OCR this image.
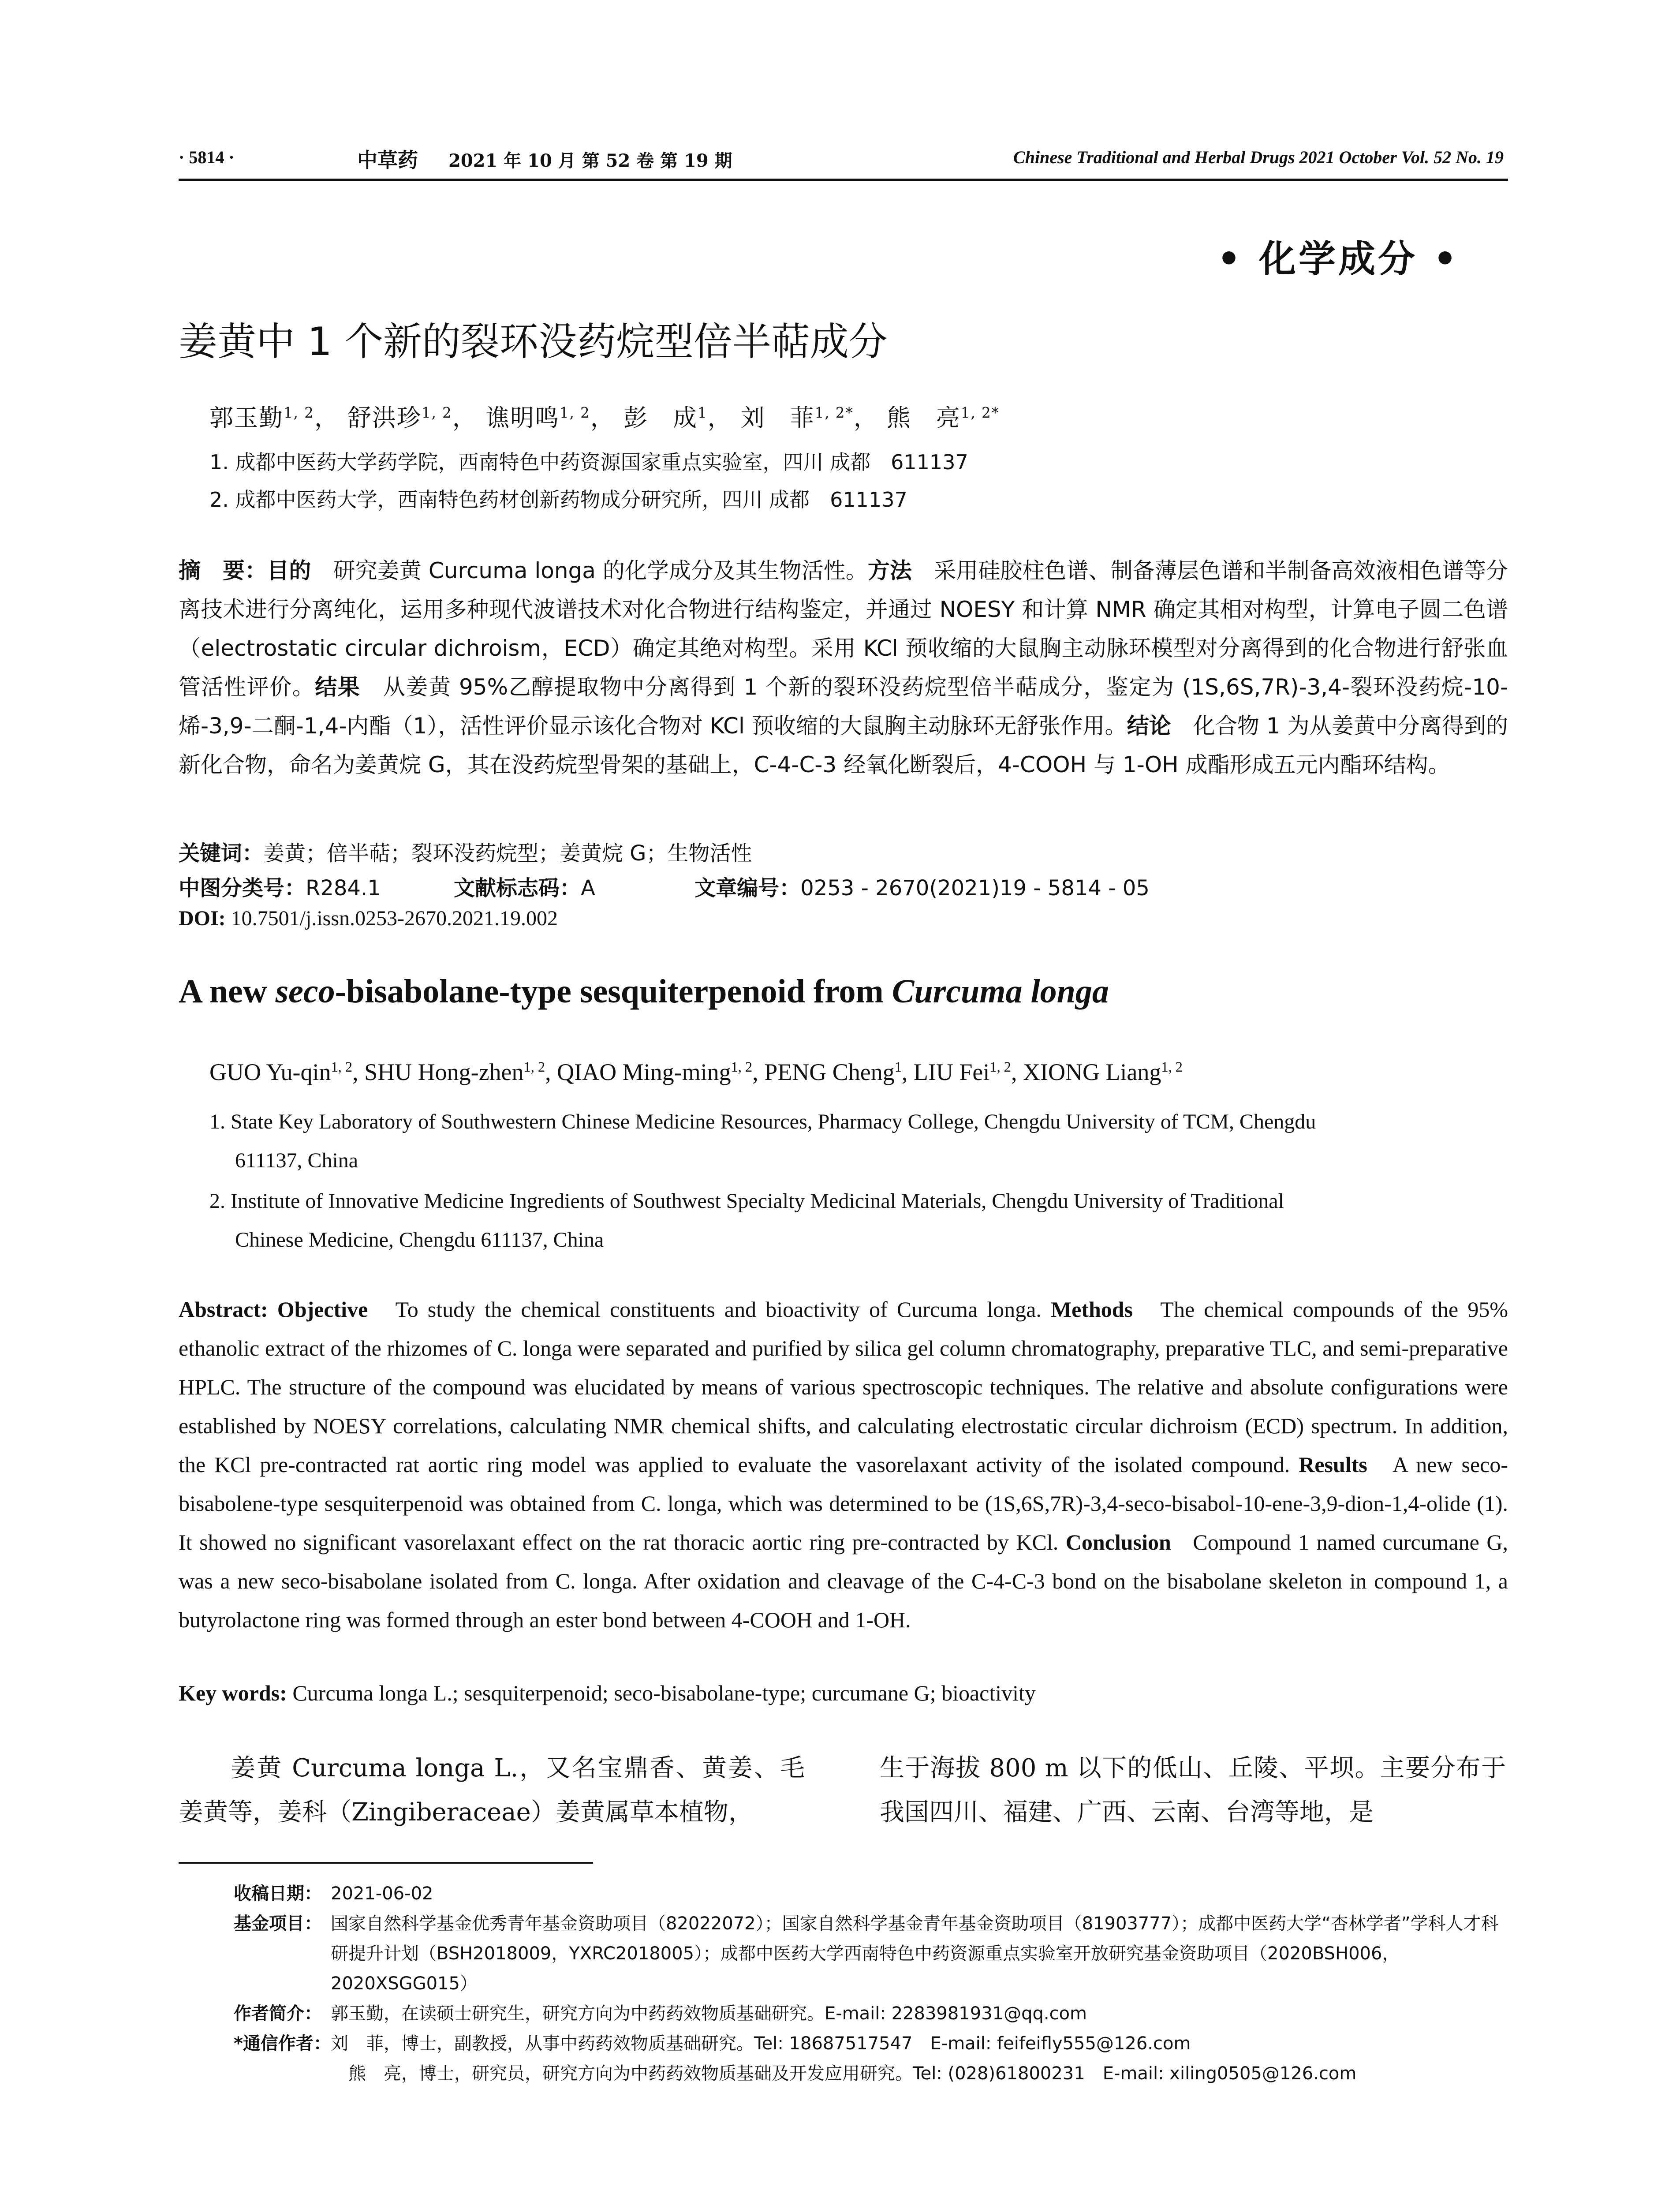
· 5814 ·	中草药 2021 年 10 月 第 52 卷 第 19 期	Chinese Traditional and Herbal Drugs 2021 October Vol. 52 No. 19
• 化学成分 •
姜黄中 1 个新的裂环没药烷型倍半萜成分
郭玉勤$^{1, 2}$， 舒洪珍$^{1, 2}$， 谯明鸣$^{1, 2}$， 彭　成$^1$， 刘　菲$^{1, 2*}$， 熊　亮$^{1, 2*}$
1. 成都中医药大学药学院，西南特色中药资源国家重点实验室，四川 成都　611137
2. 成都中医药大学，西南特色药材创新药物成分研究所，四川 成都　611137

摘　要：目的　 研究姜黄 Curcuma longa 的化学成分及其生物活性。方法　 采用硅胶柱色谱、制备薄层色谱和半制备高效液相色谱等分离技术进行分离纯化，运用多种现代波谱技术对化合物进行结构鉴定，并通过 NOESY 和计算 NMR 确定其相对构型，计算电子圆二色谱（electrostatic circular dichroism，ECD）确定其绝对构型。采用 KCl 预收缩的大鼠胸主动脉环模型对分离得到的化合物进行舒张血管活性评价。结果　 从姜黄 95%乙醇提取物中分离得到 1 个新的裂环没药烷型倍半萜成分，鉴定为 (1S,6S,7R)-3,4-裂环没药烷-10-烯-3,9-二酮-1,4-内酯（1），活性评价显示该化合物对 KCl 预收缩的大鼠胸主动脉环无舒张作用。结论　 化合物 1 为从姜黄中分离得到的新化合物，命名为姜黄烷 G，其在没药烷型骨架的基础上，C-4-C-3 经氧化断裂后，4-COOH 与 1-OH 成酯形成五元内酯环结构。

关键词：姜黄；倍半萜；裂环没药烷型；姜黄烷 G；生物活性
中图分类号：R284.1	文献标志码：A	文章编号：0253 - 2670(2021)19 - 5814 - 05
DOI: 10.7501/j.issn.0253-2670.2021.19.002
A new seco-bisabolane-type sesquiterpenoid from Curcuma longa
GUO Yu-qin$^{1, 2}$, SHU Hong-zhen$^{1, 2}$, QIAO Ming-ming$^{1, 2}$, PENG Cheng$^1$, LIU Fei$^{1, 2}$, XIONG Liang$^{1, 2}$

1. State Key Laboratory of Southwestern Chinese Medicine Resources, Pharmacy College, Chengdu University of TCM, Chengdu
611137, China

2. Institute of Innovative Medicine Ingredients of Southwest Specialty Medicinal Materials, Chengdu University of Traditional
Chinese Medicine, Chengdu 611137, China

Abstract: Objective To study the chemical constituents and bioactivity of Curcuma longa. Methods The chemical compounds of the 95% ethanolic extract of the rhizomes of C. longa were separated and purified by silica gel column chromatography, preparative TLC, and semi-preparative HPLC. The structure of the compound was elucidated by means of various spectroscopic techniques. The relative and absolute configurations were established by NOESY correlations, calculating NMR chemical shifts, and calculating electrostatic circular dichroism (ECD) spectrum. In addition, the KCl pre-contracted rat aortic ring model was applied to evaluate the vasorelaxant activity of the isolated compound. Results A new seco-bisabolene-type sesquiterpenoid was obtained from C. longa, which was determined to be (1S,6S,7R)-3,4-seco-bisabol-10-ene-3,9-dion-1,4-olide (1). It showed no significant vasorelaxant effect on the rat thoracic aortic ring pre-contracted by KCl. Conclusion Compound 1 named curcumane G, was a new seco-bisabolane isolated from C. longa. After oxidation and cleavage of the C-4-C-3 bond on the bisabolane skeleton in compound 1, a butyrolactone ring was formed through an ester bond between 4-COOH and 1-OH.

Key words: Curcuma longa L.; sesquiterpenoid; seco-bisabolane-type; curcumane G; bioactivity

　　姜黄 Curcuma longa L.，又名宝鼎香、黄姜、毛姜黄等，姜科（Zingiberaceae）姜黄属草本植物，

生于海拔 800 m 以下的低山、丘陵、平坝。主要分布于我国四川、福建、广西、云南、台湾等地，是

收稿日期： 2021-06-02
基金项目： 国家自然科学基金优秀青年基金资助项目（82022072）；国家自然科学基金青年基金资助项目（81903777）；成都中医药大学“杏林学者”学科人才科研提升计划（BSH2018009，YXRC2018005）；成都中医药大学西南特色中药资源重点实验室开放研究基金资助项目（2020BSH006，2020XSGG015）
作者简介： 郭玉勤，在读硕士研究生，研究方向为中药药效物质基础研究。E-mail: 2283981931@qq.com
*通信作者： 刘　菲，博士，副教授，从事中药药效物质基础研究。Tel: 18687517547　E-mail: feifeifly555@126.com
熊　亮，博士，研究员，研究方向为中药药效物质基础及开发应用研究。Tel: (028)61800231　E-mail: xiling0505@126.com
